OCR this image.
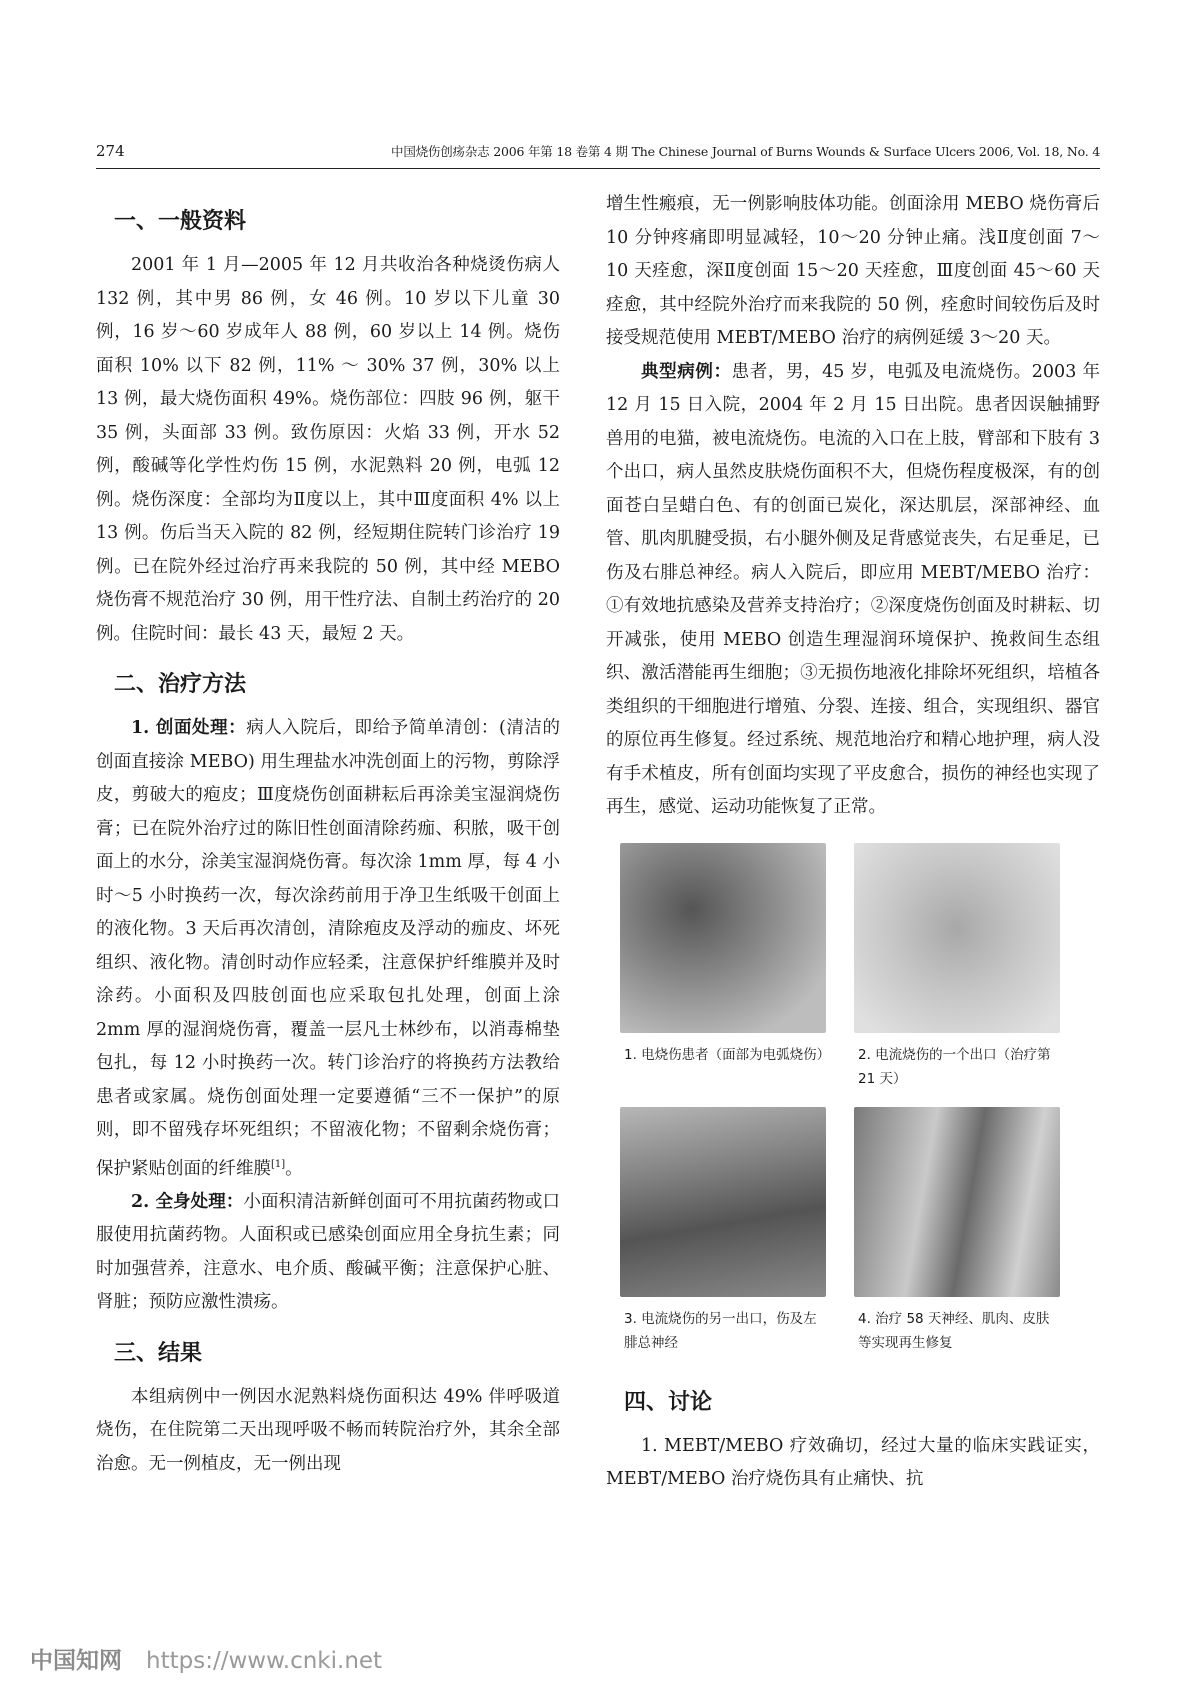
274	中国烧伤创疡杂志 2006 年第 18 卷第 4 期 The Chinese Journal of Burns Wounds & Surface Ulcers 2006, Vol. 18, No. 4
一、一般资料

2001 年 1 月—2005 年 12 月共收治各种烧烫伤病人 132 例，其中男 86 例，女 46 例。10 岁以下儿童 30 例，16 岁～60 岁成年人 88 例，60 岁以上 14 例。烧伤面积 10% 以下 82 例，11% ～ 30% 37 例，30% 以上 13 例，最大烧伤面积 49%。烧伤部位：四肢 96 例，躯干 35 例，头面部 33 例。致伤原因：火焰 33 例，开水 52 例，酸碱等化学性灼伤 15 例，水泥熟料 20 例，电弧 12 例。烧伤深度：全部均为Ⅱ度以上，其中Ⅲ度面积 4% 以上 13 例。伤后当天入院的 82 例，经短期住院转门诊治疗 19 例。已在院外经过治疗再来我院的 50 例，其中经 MEBO 烧伤膏不规范治疗 30 例，用干性疗法、自制土药治疗的 20 例。住院时间：最长 43 天，最短 2 天。

二、治疗方法

1. 创面处理：病人入院后，即给予简单清创：(清洁的创面直接涂 MEBO) 用生理盐水冲洗创面上的污物，剪除浮皮，剪破大的疱皮；Ⅲ度烧伤创面耕耘后再涂美宝湿润烧伤膏；已在院外治疗过的陈旧性创面清除药痂、积脓，吸干创面上的水分，涂美宝湿润烧伤膏。每次涂 1mm 厚，每 4 小时～5 小时换药一次，每次涂药前用于净卫生纸吸干创面上的液化物。3 天后再次清创，清除疱皮及浮动的痂皮、坏死组织、液化物。清创时动作应轻柔，注意保护纤维膜并及时涂药。小面积及四肢创面也应采取包扎处理，创面上涂 2mm 厚的湿润烧伤膏，覆盖一层凡士林纱布，以消毒棉垫包扎，每 12 小时换药一次。转门诊治疗的将换药方法教给患者或家属。烧伤创面处理一定要遵循“三不一保护”的原则，即不留残存坏死组织；不留液化物；不留剩余烧伤膏；保护紧贴创面的纤维膜[1]。

2. 全身处理：小面积清洁新鲜创面可不用抗菌药物或口服使用抗菌药物。人面积或已感染创面应用全身抗生素；同时加强营养，注意水、电介质、酸碱平衡；注意保护心脏、肾脏；预防应激性溃疡。

三、结果

本组病例中一例因水泥熟料烧伤面积达 49% 伴呼吸道烧伤，在住院第二天出现呼吸不畅而转院治疗外，其余全部治愈。无一例植皮，无一例出现

增生性瘢痕，无一例影响肢体功能。创面涂用 MEBO 烧伤膏后 10 分钟疼痛即明显减轻，10～20 分钟止痛。浅Ⅱ度创面 7～10 天痊愈，深Ⅱ度创面 15～20 天痊愈，Ⅲ度创面 45～60 天痊愈，其中经院外治疗而来我院的 50 例，痊愈时间较伤后及时接受规范使用 MEBT/MEBO 治疗的病例延缓 3～20 天。

典型病例：患者，男，45 岁，电弧及电流烧伤。2003 年 12 月 15 日入院，2004 年 2 月 15 日出院。患者因误触捕野兽用的电猫，被电流烧伤。电流的入口在上肢，臂部和下肢有 3 个出口，病人虽然皮肤烧伤面积不大，但烧伤程度极深，有的创面苍白呈蜡白色、有的创面已炭化，深达肌层，深部神经、血管、肌肉肌腱受损，右小腿外侧及足背感觉丧失，右足垂足，已伤及右腓总神经。病人入院后，即应用 MEBT/MEBO 治疗：①有效地抗感染及营养支持治疗；②深度烧伤创面及时耕耘、切开减张，使用 MEBO 创造生理湿润环境保护、挽救间生态组织、激活潜能再生细胞；③无损伤地液化排除坏死组织，培植各类组织的干细胞进行增殖、分裂、连接、组合，实现组织、器官的原位再生修复。经过系统、规范地治疗和精心地护理，病人没有手术植皮，所有创面均实现了平皮愈合，损伤的神经也实现了再生，感觉、运动功能恢复了正常。

1. 电烧伤患者（面部为电弧烧伤） 2. 电流烧伤的一个出口（治疗第 21 天）
3. 电流烧伤的另一出口，伤及左腓总神经
4. 治疗 58 天神经、肌肉、皮肤等实现再生修复
四、讨论

1. MEBT/MEBO 疗效确切，经过大量的临床实践证实，MEBT/MEBO 治疗烧伤具有止痛快、抗

中国知网 https://www.cnki.net
